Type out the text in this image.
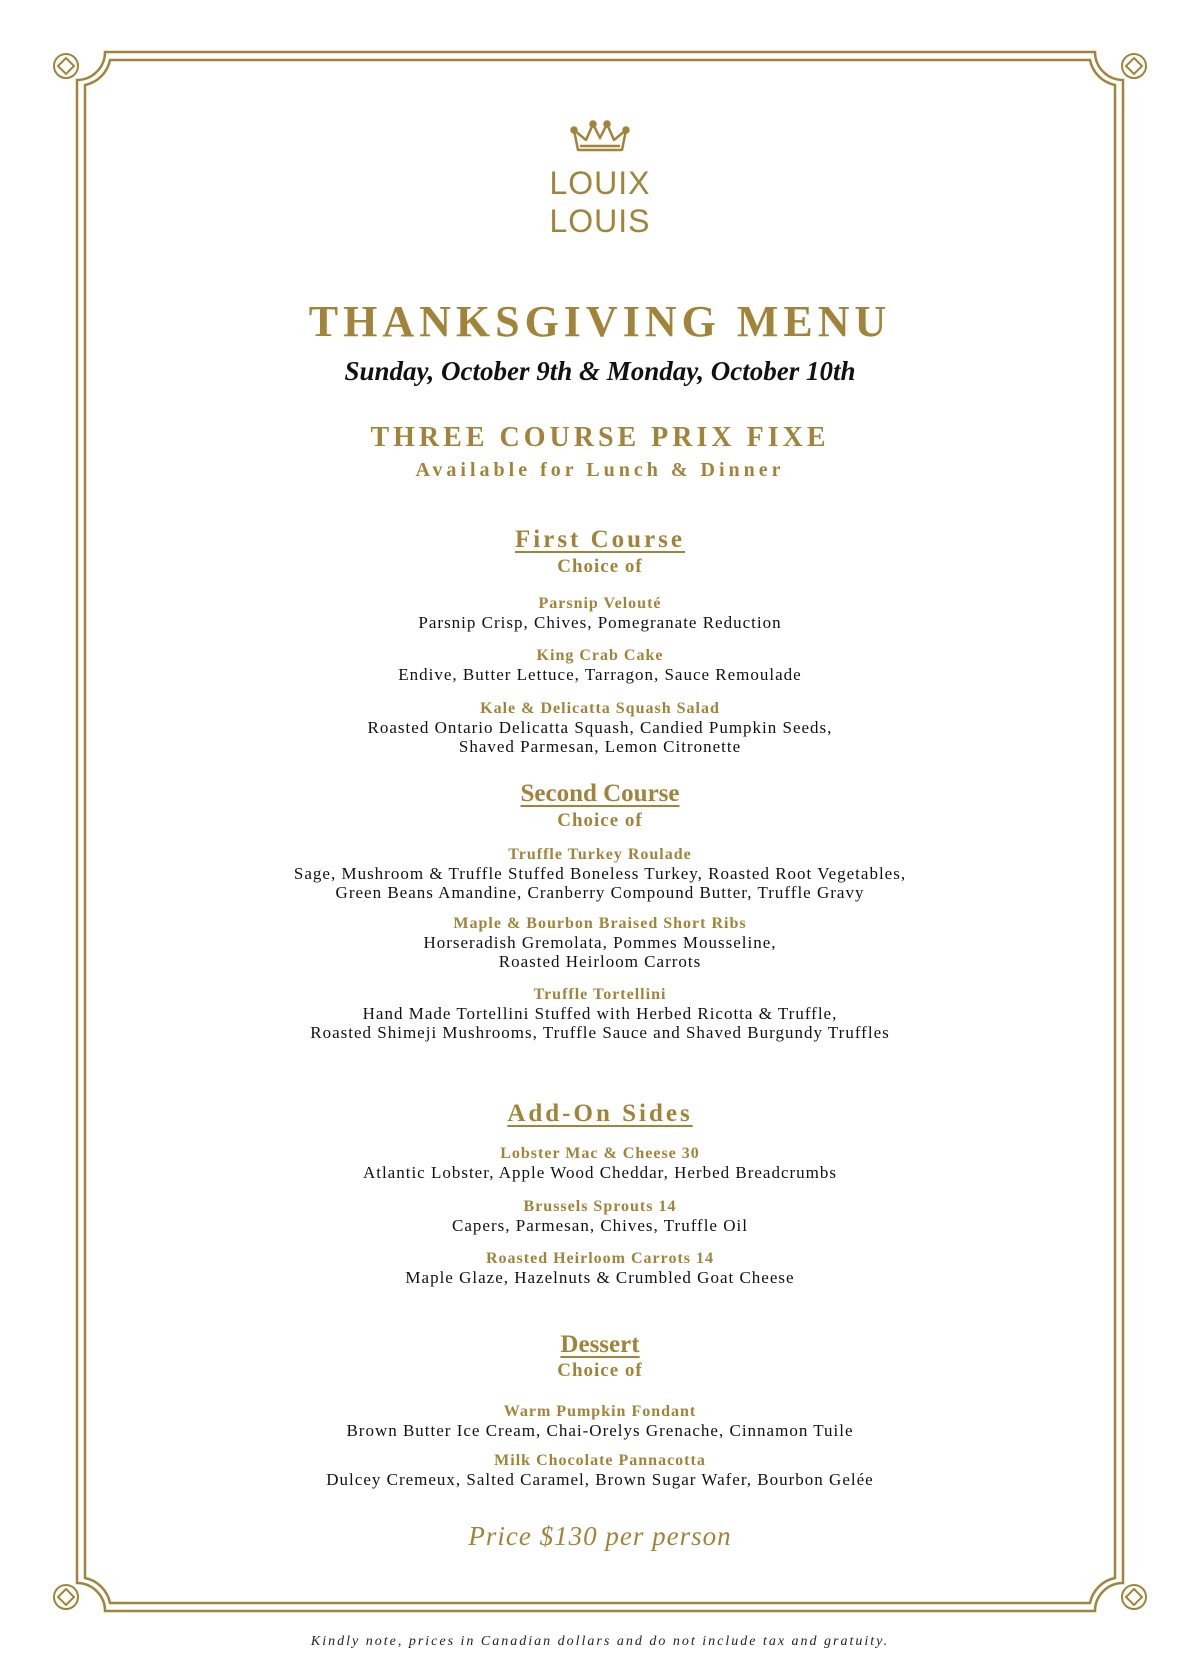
LOUIX
LOUIS
THANKSGIVING MENU
Sunday, October 9th & Monday, October 10th
THREE COURSE PRIX FIXE
Available for Lunch & Dinner
First Course
Choice of
Parsnip Velouté
Parsnip Crisp, Chives, Pomegranate Reduction
King Crab Cake
Endive, Butter Lettuce, Tarragon, Sauce Remoulade
Kale & Delicatta Squash Salad
Roasted Ontario Delicatta Squash, Candied Pumpkin Seeds,
Shaved Parmesan, Lemon Citronette
Second Course
Choice of
Truffle Turkey Roulade
Sage, Mushroom & Truffle Stuffed Boneless Turkey, Roasted Root Vegetables,
Green Beans Amandine, Cranberry Compound Butter, Truffle Gravy
Maple & Bourbon Braised Short Ribs
Horseradish Gremolata, Pommes Mousseline,
Roasted Heirloom Carrots
Truffle Tortellini
Hand Made Tortellini Stuffed with Herbed Ricotta & Truffle,
Roasted Shimeji Mushrooms, Truffle Sauce and Shaved Burgundy Truffles
Add-On Sides
Lobster Mac & Cheese 30
Atlantic Lobster, Apple Wood Cheddar, Herbed Breadcrumbs
Brussels Sprouts 14
Capers, Parmesan, Chives, Truffle Oil
Roasted Heirloom Carrots 14
Maple Glaze, Hazelnuts & Crumbled Goat Cheese
Dessert
Choice of
Warm Pumpkin Fondant
Brown Butter Ice Cream, Chai-Orelys Grenache, Cinnamon Tuile
Milk Chocolate Pannacotta
Dulcey Cremeux, Salted Caramel, Brown Sugar Wafer, Bourbon Gelée
Price $130 per person
Kindly note, prices in Canadian dollars and do not include tax and gratuity.
